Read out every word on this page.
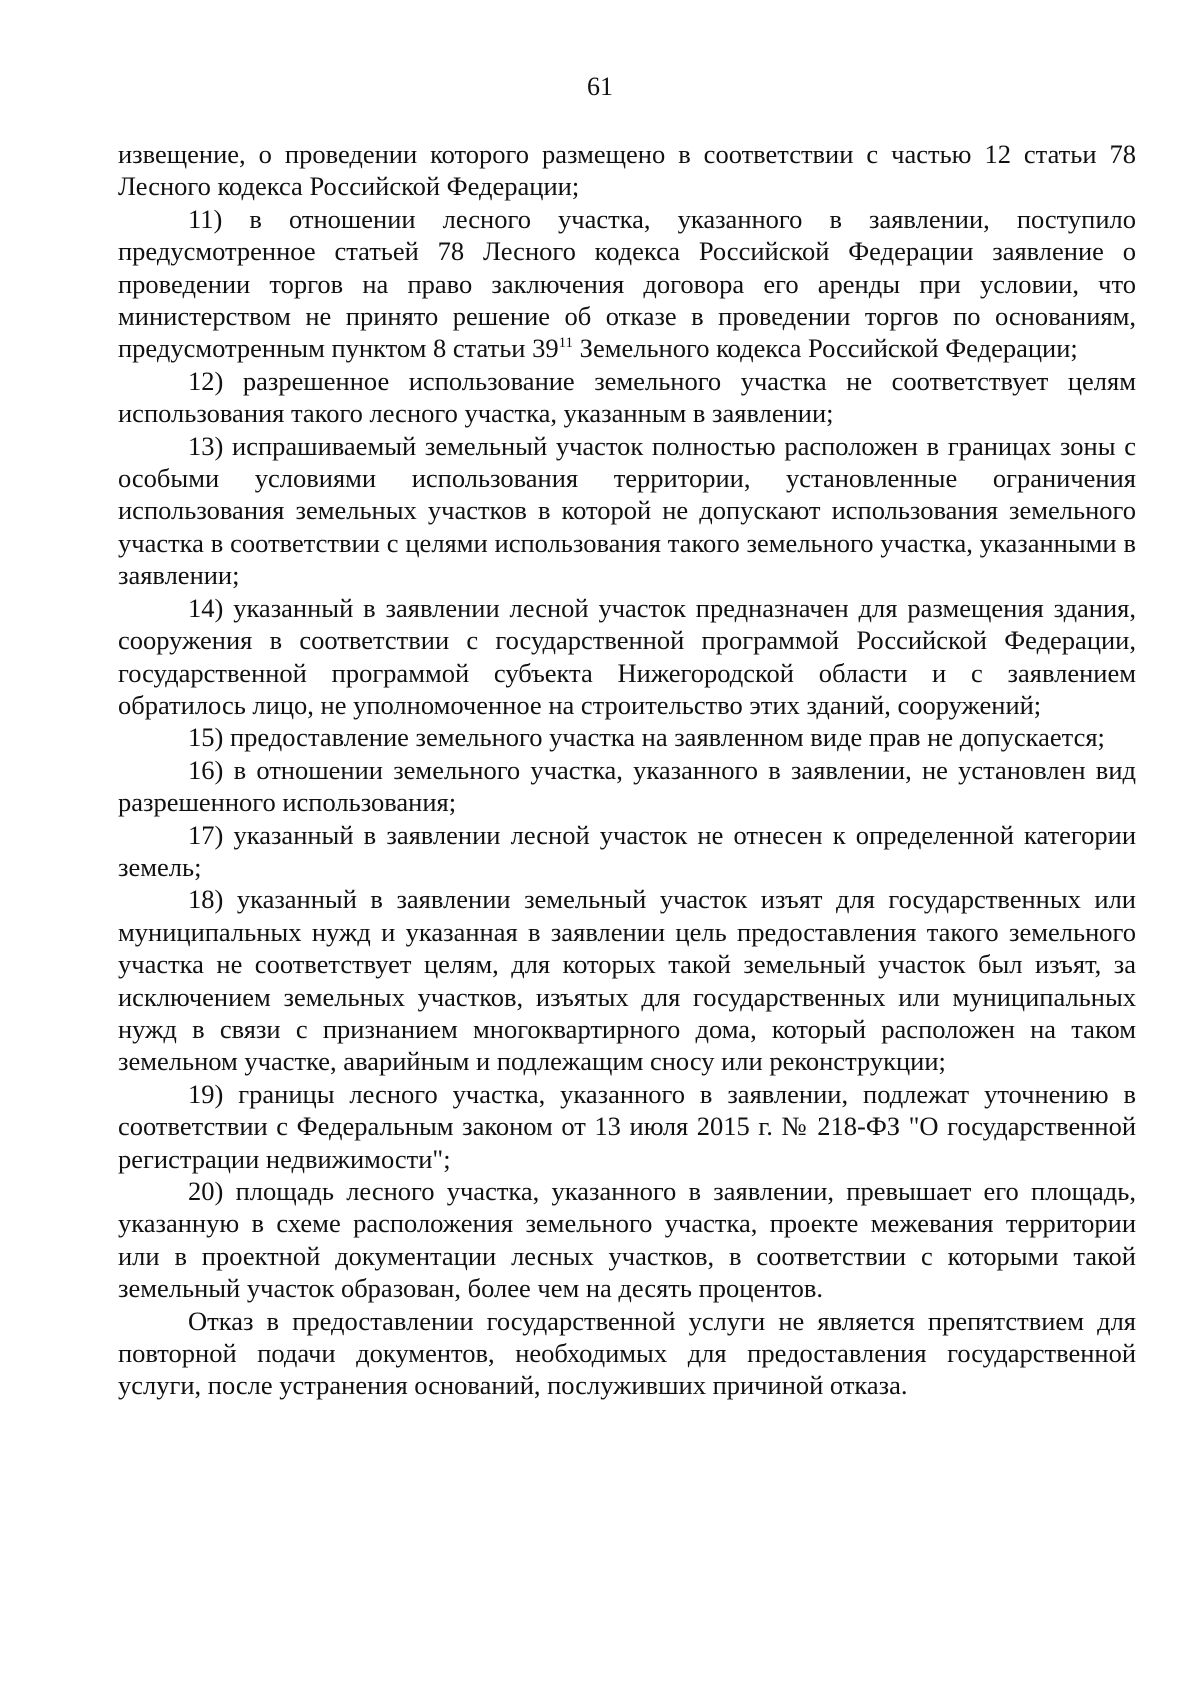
61

извещение, о проведении которого размещено в соответствии с частью 12 статьи 78 Лесного кодекса Российской Федерации;

11) в отношении лесного участка, указанного в заявлении, поступило предусмотренное статьей 78 Лесного кодекса Российской Федерации заявление о проведении торгов на право заключения договора его аренды при условии, что министерством не принято решение об отказе в проведении торгов по основаниям, предусмотренным пунктом 8 статьи $39^{11}$ Земельного кодекса Российской Федерации;

12) разрешенное использование земельного участка не соответствует целям использования такого лесного участка, указанным в заявлении;

13) испрашиваемый земельный участок полностью расположен в границах зоны с особыми условиями использования территории, установленные ограничения использования земельных участков в которой не допускают использования земельного участка в соответствии с целями использования такого земельного участка, указанными в заявлении;

14) указанный в заявлении лесной участок предназначен для размещения здания, сооружения в соответствии с государственной программой Российской Федерации, государственной программой субъекта Нижегородской области и с заявлением обратилось лицо, не уполномоченное на строительство этих зданий, сооружений;

15) предоставление земельного участка на заявленном виде прав не допускается;

16) в отношении земельного участка, указанного в заявлении, не установлен вид разрешенного использования;

17) указанный в заявлении лесной участок не отнесен к определенной категории земель;

18) указанный в заявлении земельный участок изъят для государственных или муниципальных нужд и указанная в заявлении цель предоставления такого земельного участка не соответствует целям, для которых такой земельный участок был изъят, за исключением земельных участков, изъятых для государственных или муниципальных нужд в связи с признанием многоквартирного дома, который расположен на таком земельном участке, аварийным и подлежащим сносу или реконструкции;

19) границы лесного участка, указанного в заявлении, подлежат уточнению в соответствии с Федеральным законом от 13 июля 2015 г. № 218-ФЗ "О государственной регистрации недвижимости";

20) площадь лесного участка, указанного в заявлении, превышает его площадь, указанную в схеме расположения земельного участка, проекте межевания территории или в проектной документации лесных участков, в соответствии с которыми такой земельный участок образован, более чем на десять процентов.

Отказ в предоставлении государственной услуги не является препятствием для повторной подачи документов, необходимых для предоставления государственной услуги, после устранения оснований, послуживших причиной отказа.
